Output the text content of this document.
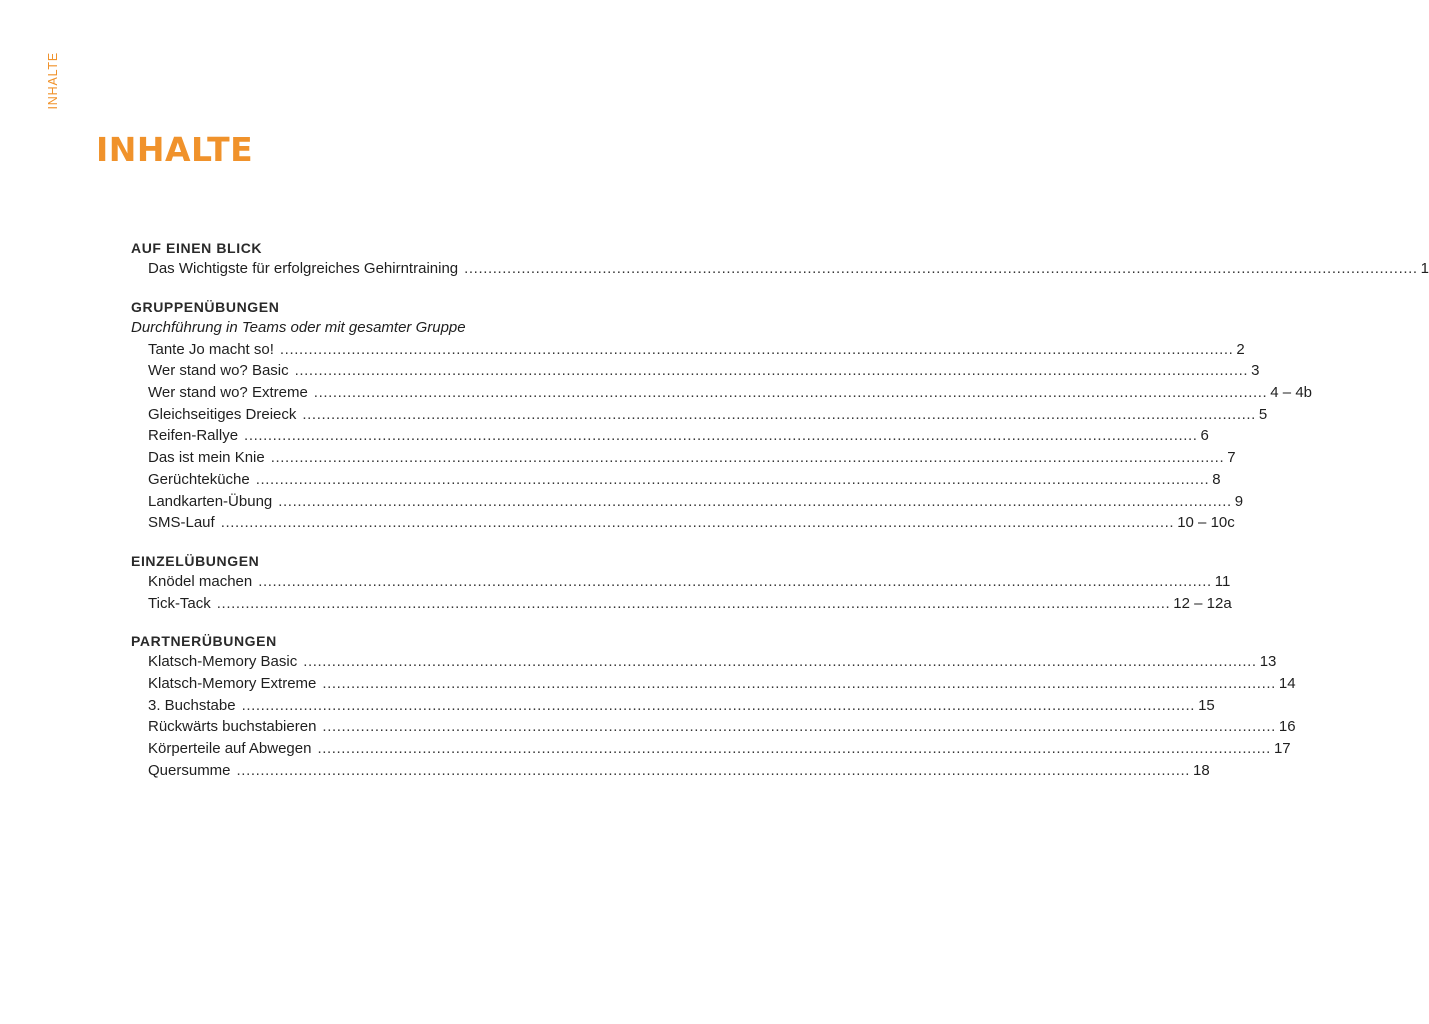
INHALTE
INHALTE
AUF EINEN BLICK
Das Wichtigste für erfolgreiches Gehirntraining ........................................................................................................................................................................................................ 1
GRUPPENÜBUNGEN
Durchführung in Teams oder mit gesamter Gruppe
Tante Jo macht so! ........................................................................................................................................................................................................ 2
Wer stand wo? Basic ........................................................................................................................................................................................................ 3
Wer stand wo? Extreme ........................................................................................................................................................................................................ 4 – 4b
Gleichseitiges Dreieck ........................................................................................................................................................................................................ 5
Reifen-Rallye ........................................................................................................................................................................................................ 6
Das ist mein Knie ........................................................................................................................................................................................................ 7
Gerüchteküche ........................................................................................................................................................................................................ 8
Landkarten-Übung ........................................................................................................................................................................................................ 9
SMS-Lauf ........................................................................................................................................................................................................ 10 – 10c
EINZELÜBUNGEN
Knödel machen ........................................................................................................................................................................................................ 11
Tick-Tack ........................................................................................................................................................................................................ 12 – 12a
PARTNERÜBUNGEN
Klatsch-Memory Basic ........................................................................................................................................................................................................ 13
Klatsch-Memory Extreme ........................................................................................................................................................................................................ 14
3. Buchstabe ........................................................................................................................................................................................................ 15
Rückwärts buchstabieren ........................................................................................................................................................................................................ 16
Körperteile auf Abwegen ........................................................................................................................................................................................................ 17
Quersumme ........................................................................................................................................................................................................ 18
